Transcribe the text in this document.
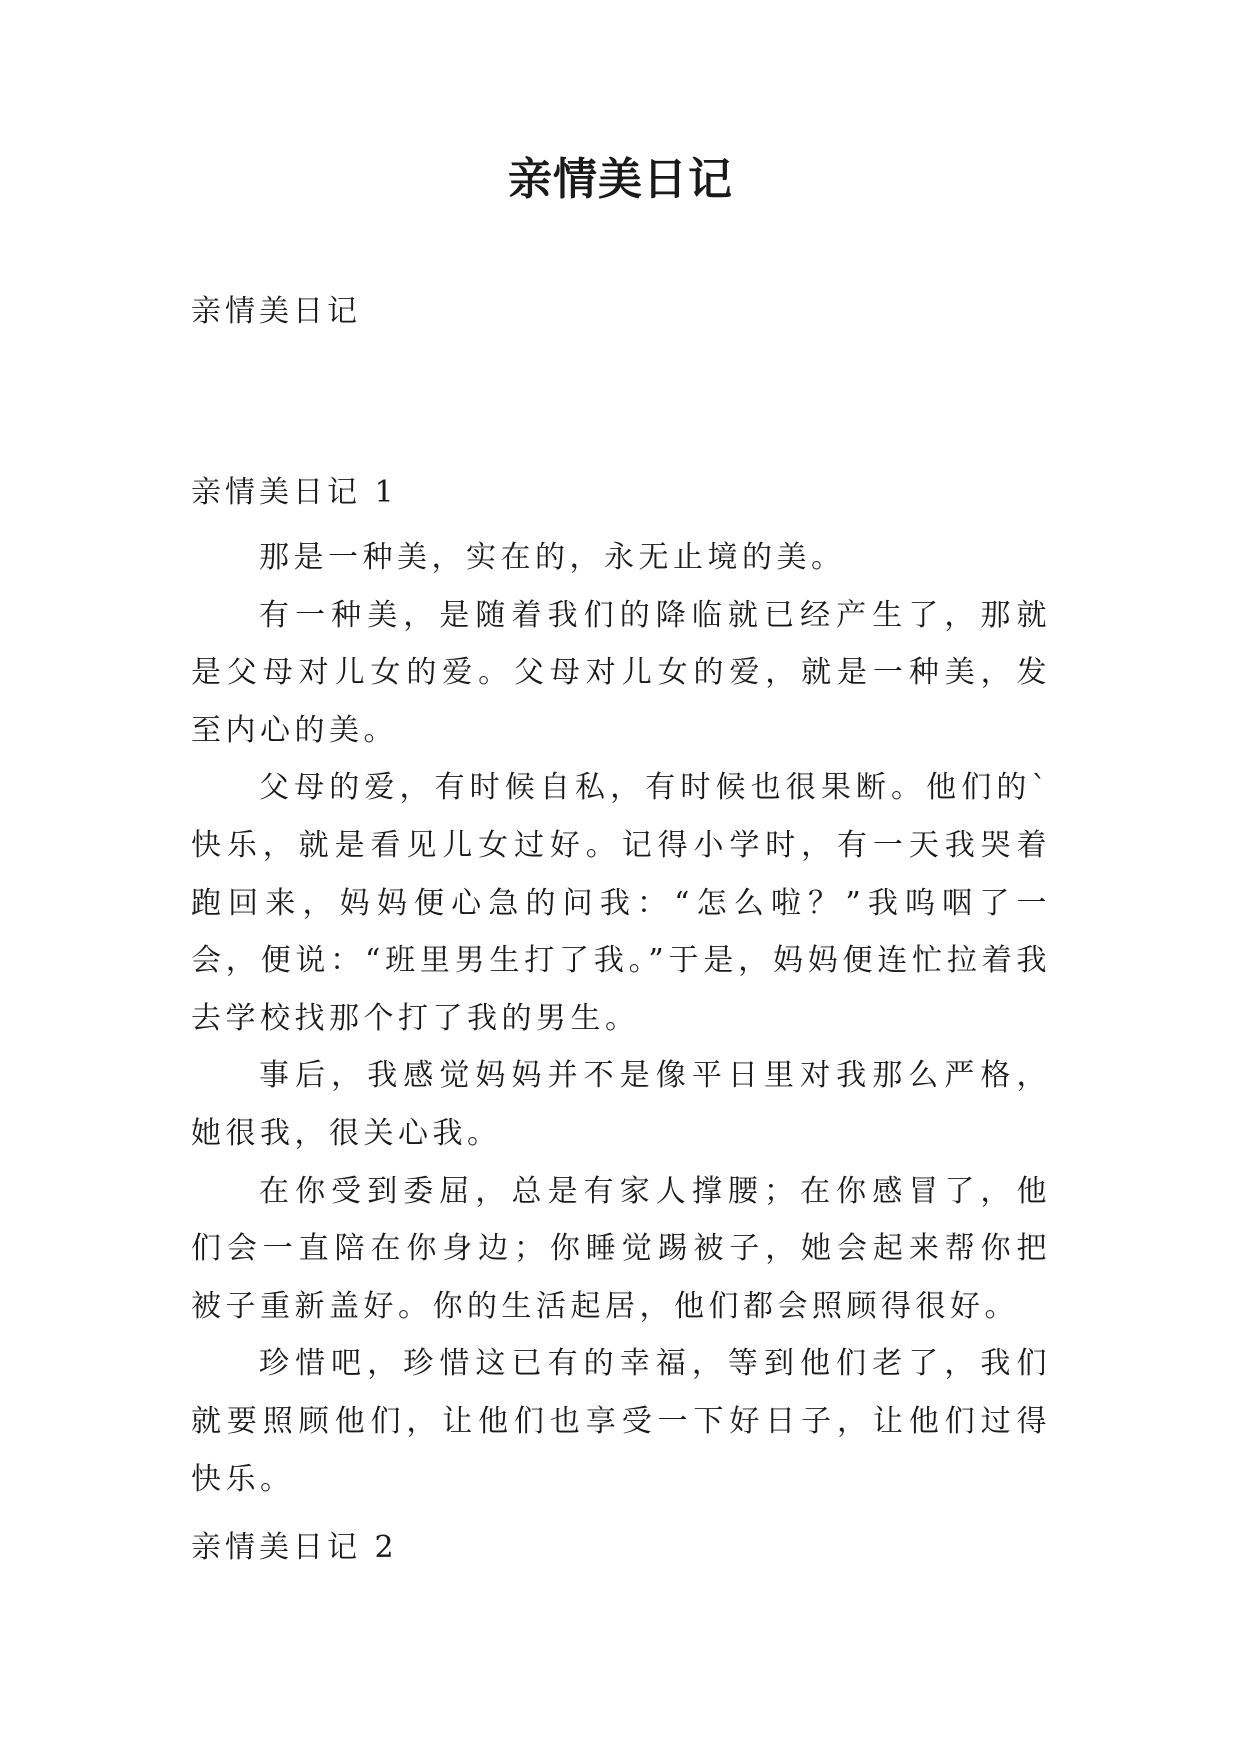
亲情美日记

亲情美日记

亲情美日记 1

那是一种美，实在的，永无止境的美。

有一种美，是随着我们的降临就已经产生了，那就是父母对儿女的爱。父母对儿女的爱，就是一种美，发至内心的美。

父母的爱，有时候自私，有时候也很果断。他们的`快乐，就是看见儿女过好。记得小学时，有一天我哭着跑回来，妈妈便心急的问我：“怎么啦？”我呜咽了一会，便说：“班里男生打了我。”于是，妈妈便连忙拉着我去学校找那个打了我的男生。

事后，我感觉妈妈并不是像平日里对我那么严格，她很我，很关心我。

在你受到委屈，总是有家人撑腰；在你感冒了，他们会一直陪在你身边；你睡觉踢被子，她会起来帮你把被子重新盖好。你的生活起居，他们都会照顾得很好。

珍惜吧，珍惜这已有的幸福，等到他们老了，我们就要照顾他们，让他们也享受一下好日子，让他们过得快乐。

亲情美日记 2
